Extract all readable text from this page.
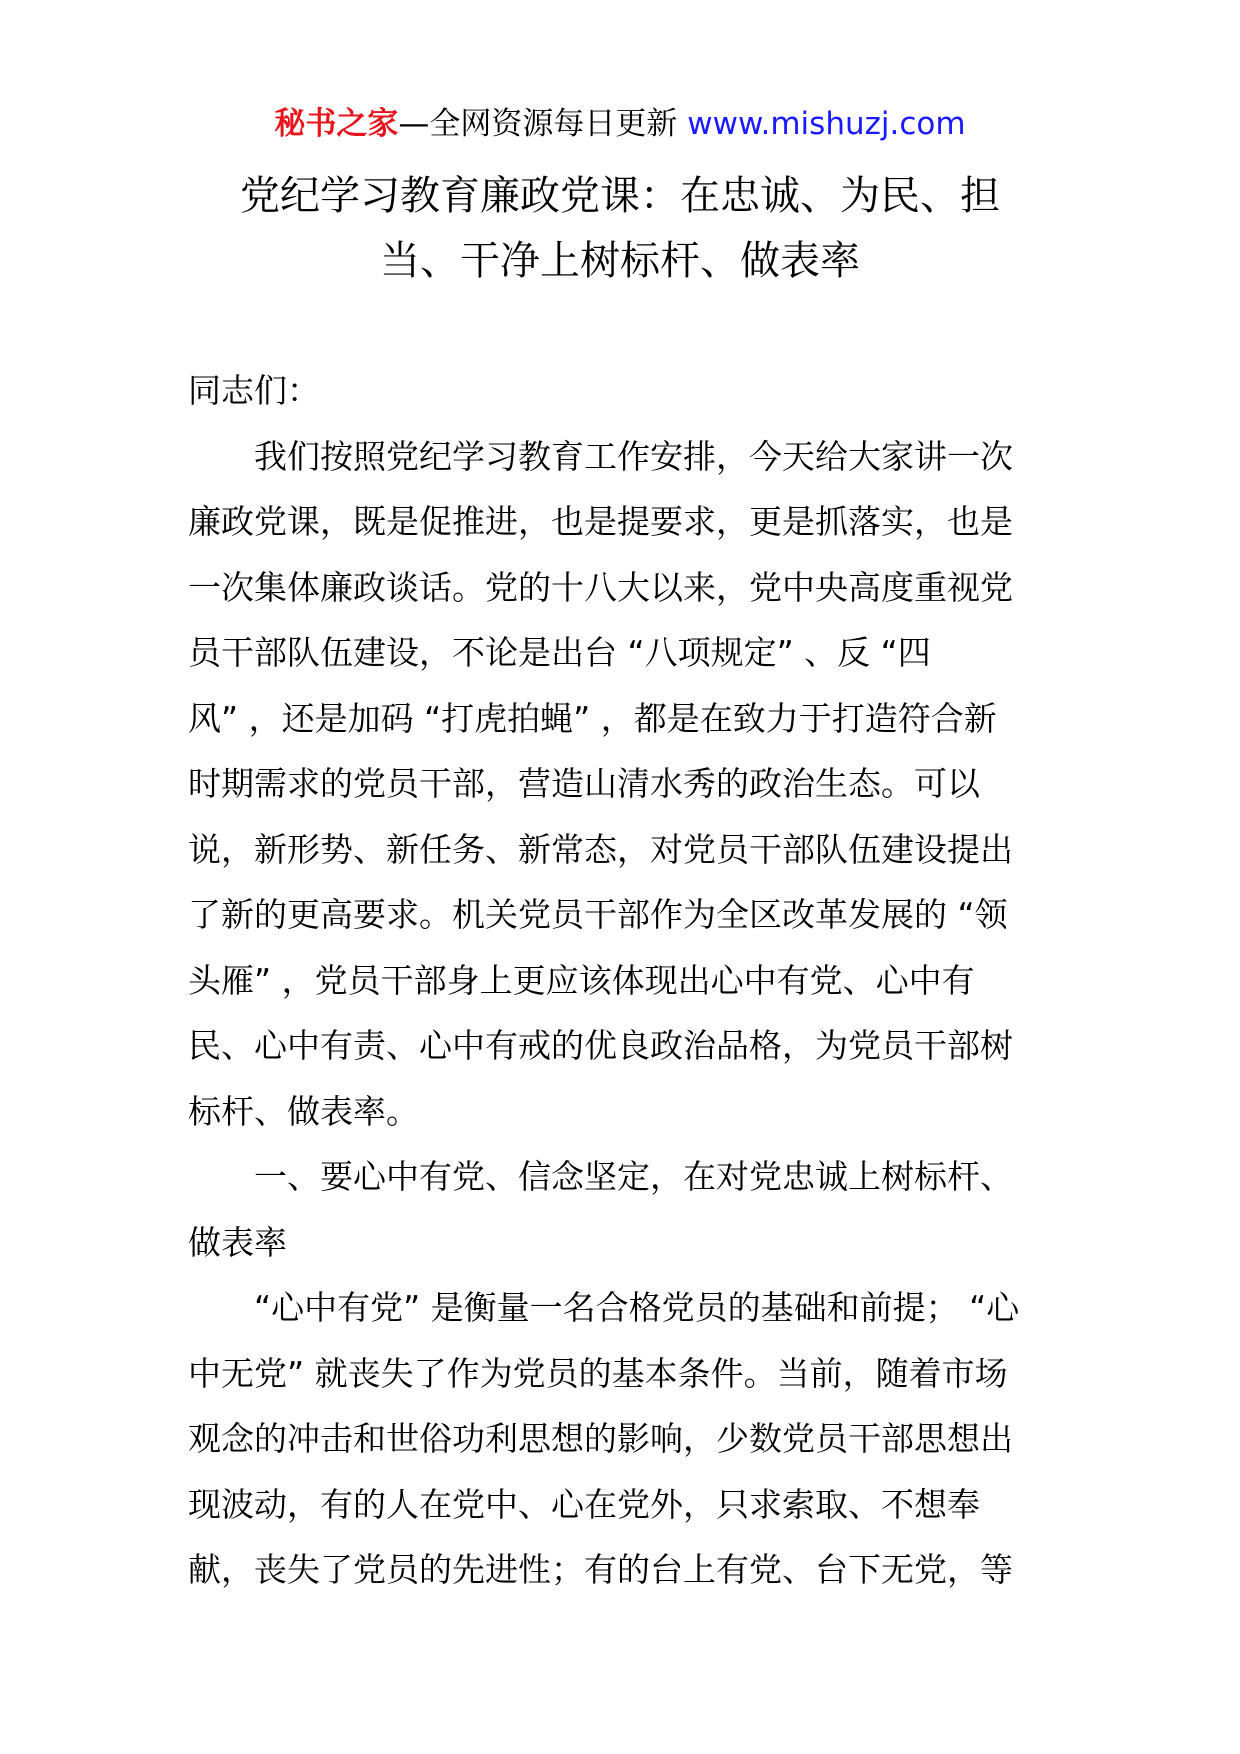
秘书之家—全网资源每日更新 www.mishuzj.com
党纪学习教育廉政党课：在忠诚、为民、担
当、干净上树标杆、做表率

同志们：

我们按照党纪学习教育工作安排，今天给大家讲一次

廉政党课，既是促推进，也是提要求，更是抓落实，也是

一次集体廉政谈话。党的十八大以来，党中央高度重视党

员干部队伍建设，不论是出台 “八项规定” 、反 “四

风” ，还是加码 “打虎拍蝇” ，都是在致力于打造符合新

时期需求的党员干部，营造山清水秀的政治生态。可以

说，新形势、新任务、新常态，对党员干部队伍建设提出

了新的更高要求。机关党员干部作为全区改革发展的 “领

头雁” ，党员干部身上更应该体现出心中有党、心中有

民、心中有责、心中有戒的优良政治品格，为党员干部树

标杆、做表率。

一、要心中有党、信念坚定，在对党忠诚上树标杆、

做表率

“心中有党” 是衡量一名合格党员的基础和前提； “心

中无党” 就丧失了作为党员的基本条件。当前，随着市场

观念的冲击和世俗功利思想的影响，少数党员干部思想出

现波动，有的人在党中、心在党外，只求索取、不想奉

献，丧失了党员的先进性；有的台上有党、台下无党，等
